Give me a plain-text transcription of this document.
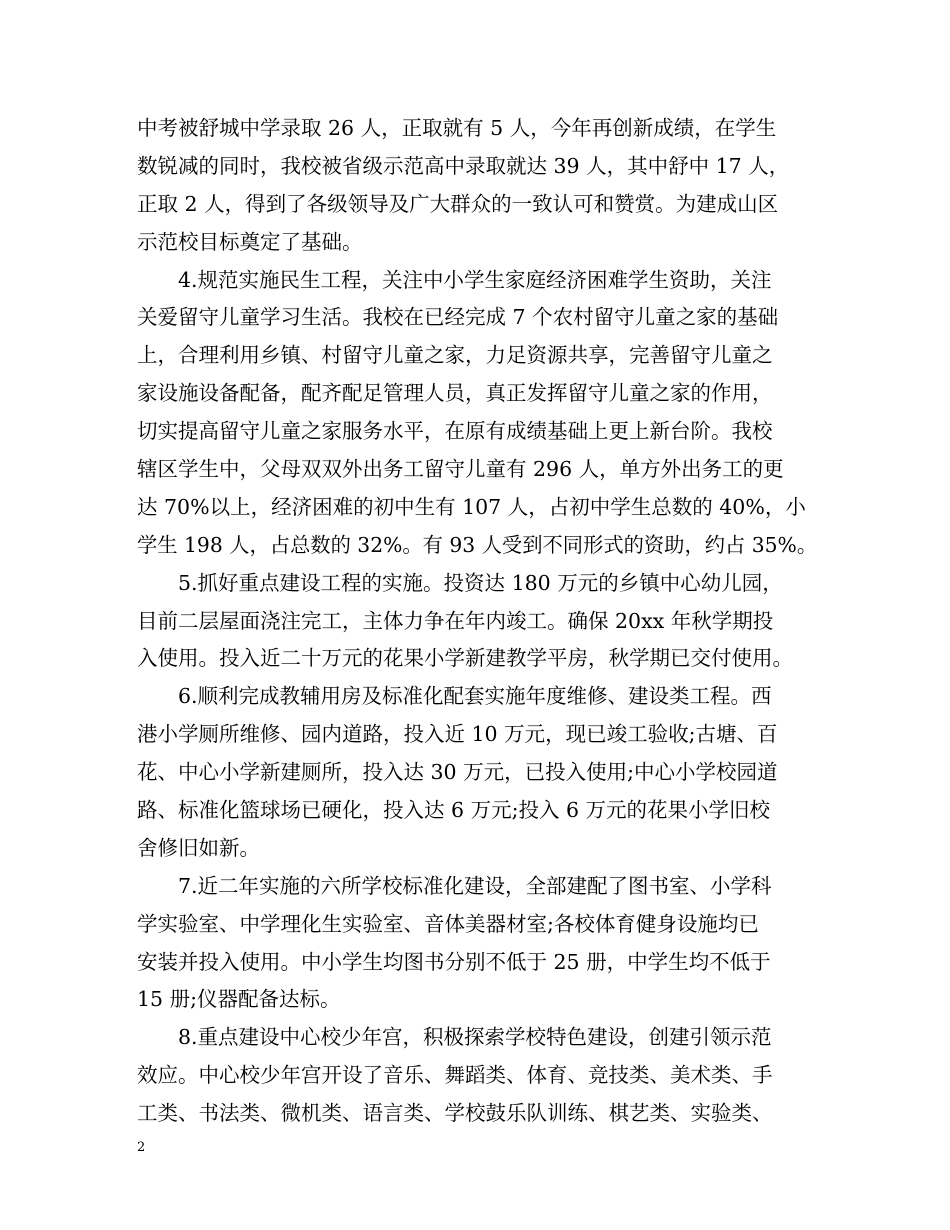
中考被舒城中学录取 26 人，正取就有 5 人，今年再创新成绩，在学生
数锐减的同时，我校被省级示范高中录取就达 39 人，其中舒中 17 人，
正取 2 人，得到了各级领导及广大群众的一致认可和赞赏。为建成山区
示范校目标奠定了基础。
4.规范实施民生工程，关注中小学生家庭经济困难学生资助，关注
关爱留守儿童学习生活。我校在已经完成 7 个农村留守儿童之家的基础
上，合理利用乡镇、村留守儿童之家，力足资源共享，完善留守儿童之
家设施设备配备，配齐配足管理人员，真正发挥留守儿童之家的作用，
切实提高留守儿童之家服务水平，在原有成绩基础上更上新台阶。我校
辖区学生中，父母双双外出务工留守儿童有 296 人，单方外出务工的更
达 70%以上，经济困难的初中生有 107 人，占初中学生总数的 40%，小
学生 198 人，占总数的 32%。有 93 人受到不同形式的资助，约占 35%。
5.抓好重点建设工程的实施。投资达 180 万元的乡镇中心幼儿园，
目前二层屋面浇注完工，主体力争在年内竣工。确保 20xx 年秋学期投
入使用。投入近二十万元的花果小学新建教学平房，秋学期已交付使用。
6.顺利完成教辅用房及标准化配套实施年度维修、建设类工程。西
港小学厕所维修、园内道路，投入近 10 万元，现已竣工验收;古塘、百
花、中心小学新建厕所，投入达 30 万元，已投入使用;中心小学校园道
路、标准化篮球场已硬化，投入达 6 万元;投入 6 万元的花果小学旧校
舍修旧如新。
7.近二年实施的六所学校标准化建设，全部建配了图书室、小学科
学实验室、中学理化生实验室、音体美器材室;各校体育健身设施均已
安装并投入使用。中小学生均图书分别不低于 25 册，中学生均不低于
15 册;仪器配备达标。
8.重点建设中心校少年宫，积极探索学校特色建设，创建引领示范
效应。中心校少年宫开设了音乐、舞蹈类、体育、竞技类、美术类、手
工类、书法类、微机类、语言类、学校鼓乐队训练、棋艺类、实验类、
2
